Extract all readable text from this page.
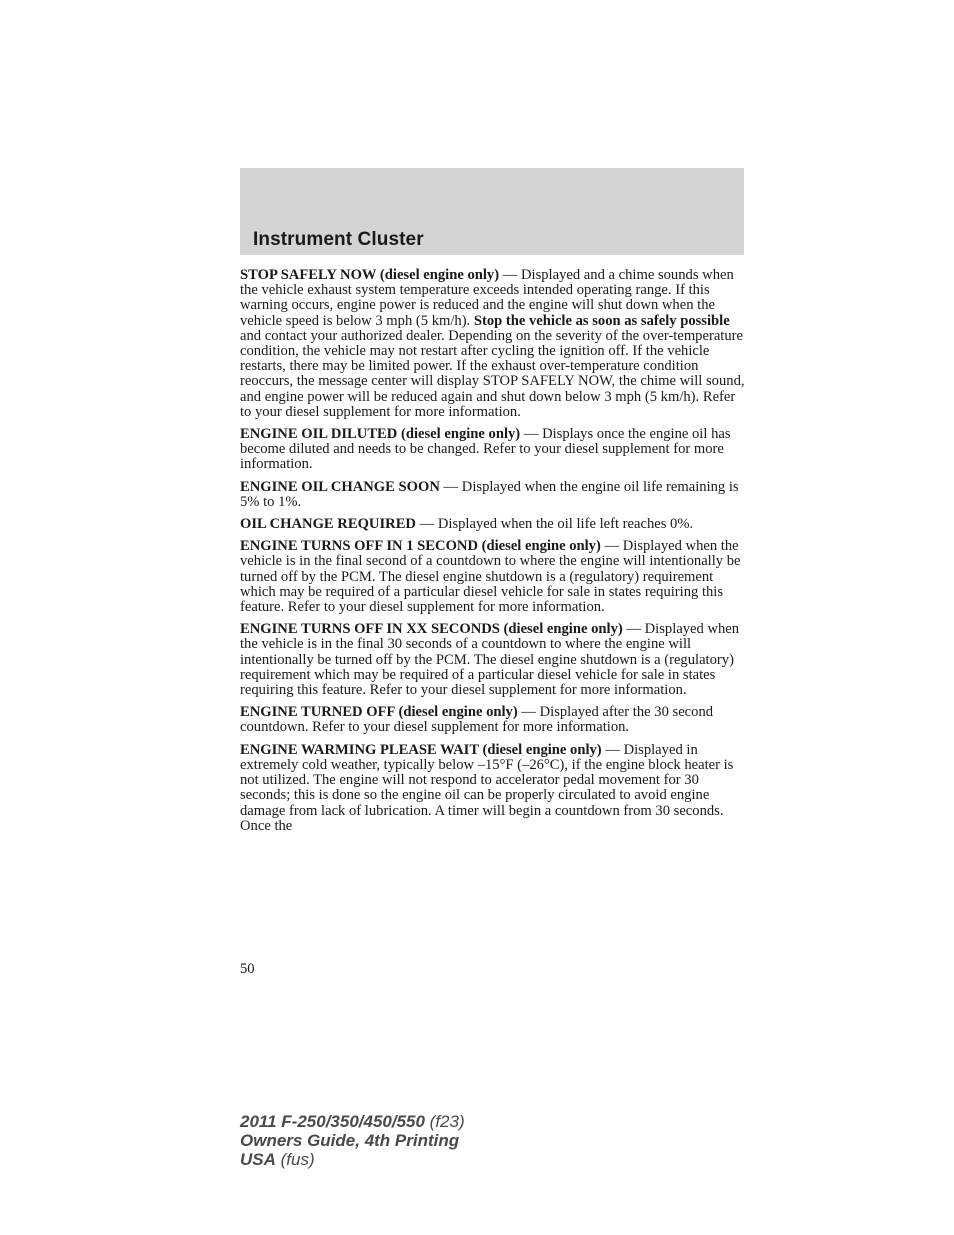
Instrument Cluster

STOP SAFELY NOW (diesel engine only) — Displayed and a chime sounds when the vehicle exhaust system temperature exceeds intended operating range. If this warning occurs, engine power is reduced and the engine will shut down when the vehicle speed is below 3 mph (5 km/h). Stop the vehicle as soon as safely possible and contact your authorized dealer. Depending on the severity of the over-temperature condition, the vehicle may not restart after cycling the ignition off. If the vehicle restarts, there may be limited power. If the exhaust over-temperature condition reoccurs, the message center will display STOP SAFELY NOW, the chime will sound, and engine power will be reduced again and shut down below 3 mph (5 km/h). Refer to your diesel supplement for more information.

ENGINE OIL DILUTED (diesel engine only) — Displays once the engine oil has become diluted and needs to be changed. Refer to your diesel supplement for more information.

ENGINE OIL CHANGE SOON — Displayed when the engine oil life remaining is 5% to 1%.

OIL CHANGE REQUIRED — Displayed when the oil life left reaches 0%.

ENGINE TURNS OFF IN 1 SECOND (diesel engine only) — Displayed when the vehicle is in the final second of a countdown to where the engine will intentionally be turned off by the PCM. The diesel engine shutdown is a (regulatory) requirement which may be required of a particular diesel vehicle for sale in states requiring this feature. Refer to your diesel supplement for more information.

ENGINE TURNS OFF IN XX SECONDS (diesel engine only) — Displayed when the vehicle is in the final 30 seconds of a countdown to where the engine will intentionally be turned off by the PCM. The diesel engine shutdown is a (regulatory) requirement which may be required of a particular diesel vehicle for sale in states requiring this feature. Refer to your diesel supplement for more information.

ENGINE TURNED OFF (diesel engine only) — Displayed after the 30 second countdown. Refer to your diesel supplement for more information.

ENGINE WARMING PLEASE WAIT (diesel engine only) — Displayed in extremely cold weather, typically below –15°F (–26°C), if the engine block heater is not utilized. The engine will not respond to accelerator pedal movement for 30 seconds; this is done so the engine oil can be properly circulated to avoid engine damage from lack of lubrication. A timer will begin a countdown from 30 seconds. Once the

50
2011 F-250/350/450/550 (f23)
Owners Guide, 4th Printing
USA (fus)
